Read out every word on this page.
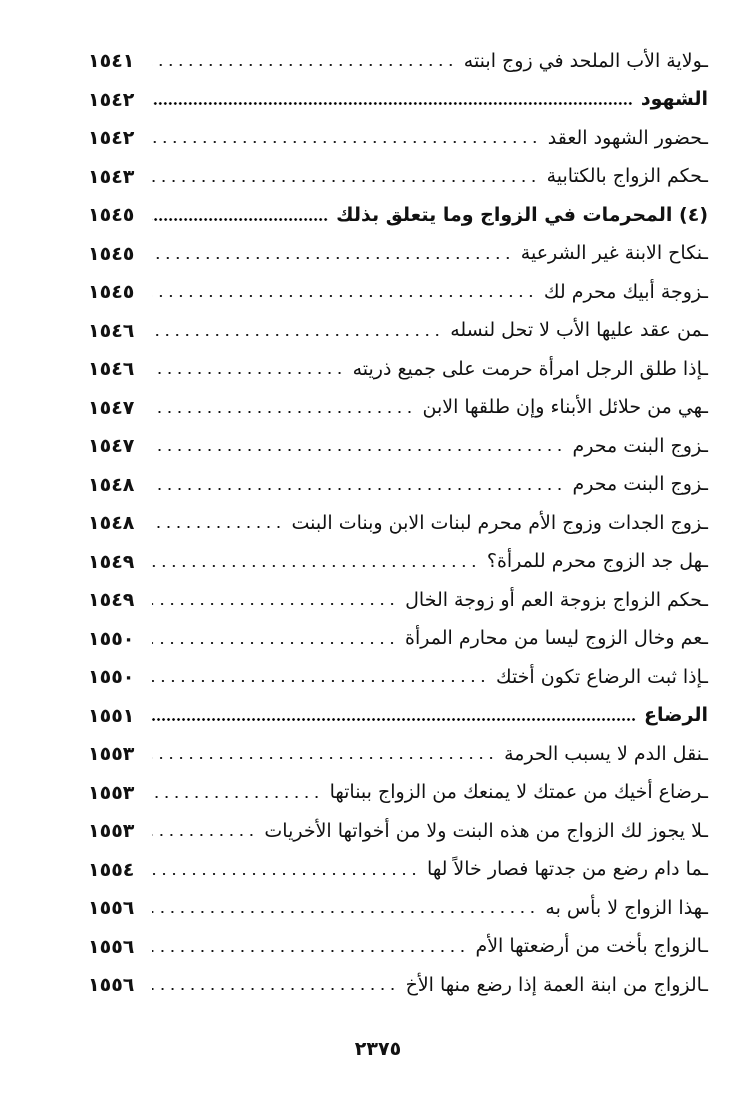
ـولاية الأب الملحد في زوج ابنته
١٥٤١
الشهود
١٥٤٢
ـحضور الشهود العقد
١٥٤٢
ـحكم الزواج بالكتابية
١٥٤٣
(٤) المحرمات في الزواج وما يتعلق بذلك
١٥٤٥
ـنكاح الابنة غير الشرعية
١٥٤٥
ـزوجة أبيك محرم لك
١٥٤٥
ـمن عقد عليها الأب لا تحل لنسله
١٥٤٦
ـإذا طلق الرجل امرأة حرمت على جميع ذريته
١٥٤٦
ـهي من حلائل الأبناء وإن طلقها الابن
١٥٤٧
ـزوج البنت محرم
١٥٤٧
ـزوج البنت محرم
١٥٤٨
ـزوج الجدات وزوج الأم محرم لبنات الابن وبنات البنت
١٥٤٨
ـهل جد الزوج محرم للمرأة؟
١٥٤٩
ـحكم الزواج بزوجة العم أو زوجة الخال
١٥٤٩
ـعم وخال الزوج ليسا من محارم المرأة
١٥٥٠
ـإذا ثبت الرضاع تكون أختك
١٥٥٠
الرضاع
١٥٥١
ـنقل الدم لا يسبب الحرمة
١٥٥٣
ـرضاع أخيك من عمتك لا يمنعك من الزواج ببناتها
١٥٥٣
ـلا يجوز لك الزواج من هذه البنت ولا من أخواتها الأخريات
١٥٥٣
ـما دام رضع من جدتها فصار خالاً لها
١٥٥٤
ـهذا الزواج لا بأس به
١٥٥٦
ـالزواج بأخت من أرضعتها الأم
١٥٥٦
ـالزواج من ابنة العمة إذا رضع منها الأخ
١٥٥٦
٢٣٧٥
